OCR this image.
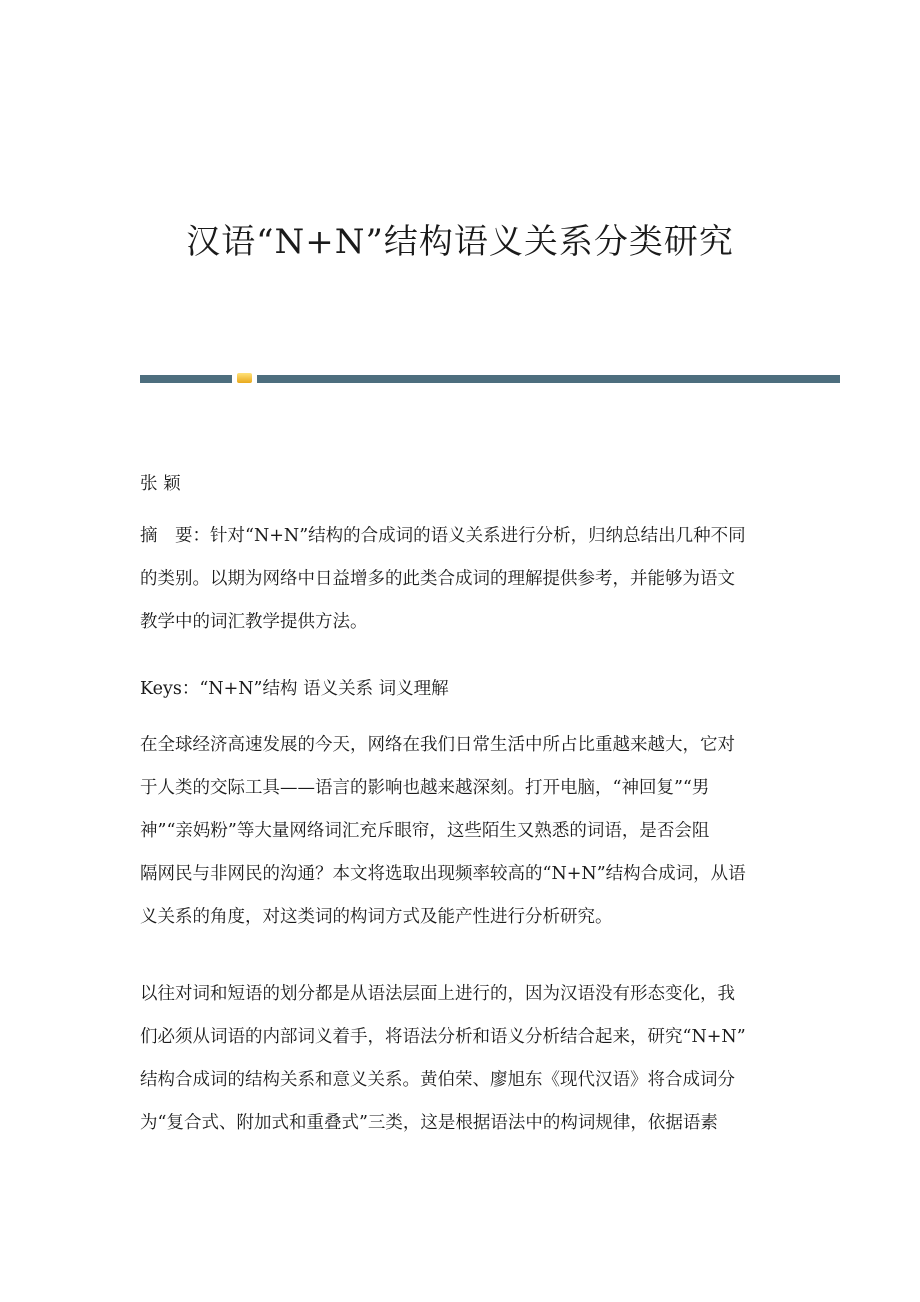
汉语“N+N”结构语义关系分类研究
张 颖
摘　要：针对“N+N”结构的合成词的语义关系进行分析，归纳总结出几种不同
的类别。以期为网络中日益增多的此类合成词的理解提供参考，并能够为语文
教学中的词汇教学提供方法。
Keys：“N+N”结构 语义关系 词义理解
在全球经济高速发展的今天，网络在我们日常生活中所占比重越来越大，它对
于人类的交际工具——语言的影响也越来越深刻。打开电脑，“神回复”“男
神”“亲妈粉”等大量网络词汇充斥眼帘，这些陌生又熟悉的词语，是否会阻
隔网民与非网民的沟通？本文将选取出现频率较高的“N+N”结构合成词，从语
义关系的角度，对这类词的构词方式及能产性进行分析研究。
以往对词和短语的划分都是从语法层面上进行的，因为汉语没有形态变化，我
们必须从词语的内部词义着手，将语法分析和语义分析结合起来，研究“N+N”
结构合成词的结构关系和意义关系。黄伯荣、廖旭东《现代汉语》将合成词分
为“复合式、附加式和重叠式”三类，这是根据语法中的构词规律，依据语素
